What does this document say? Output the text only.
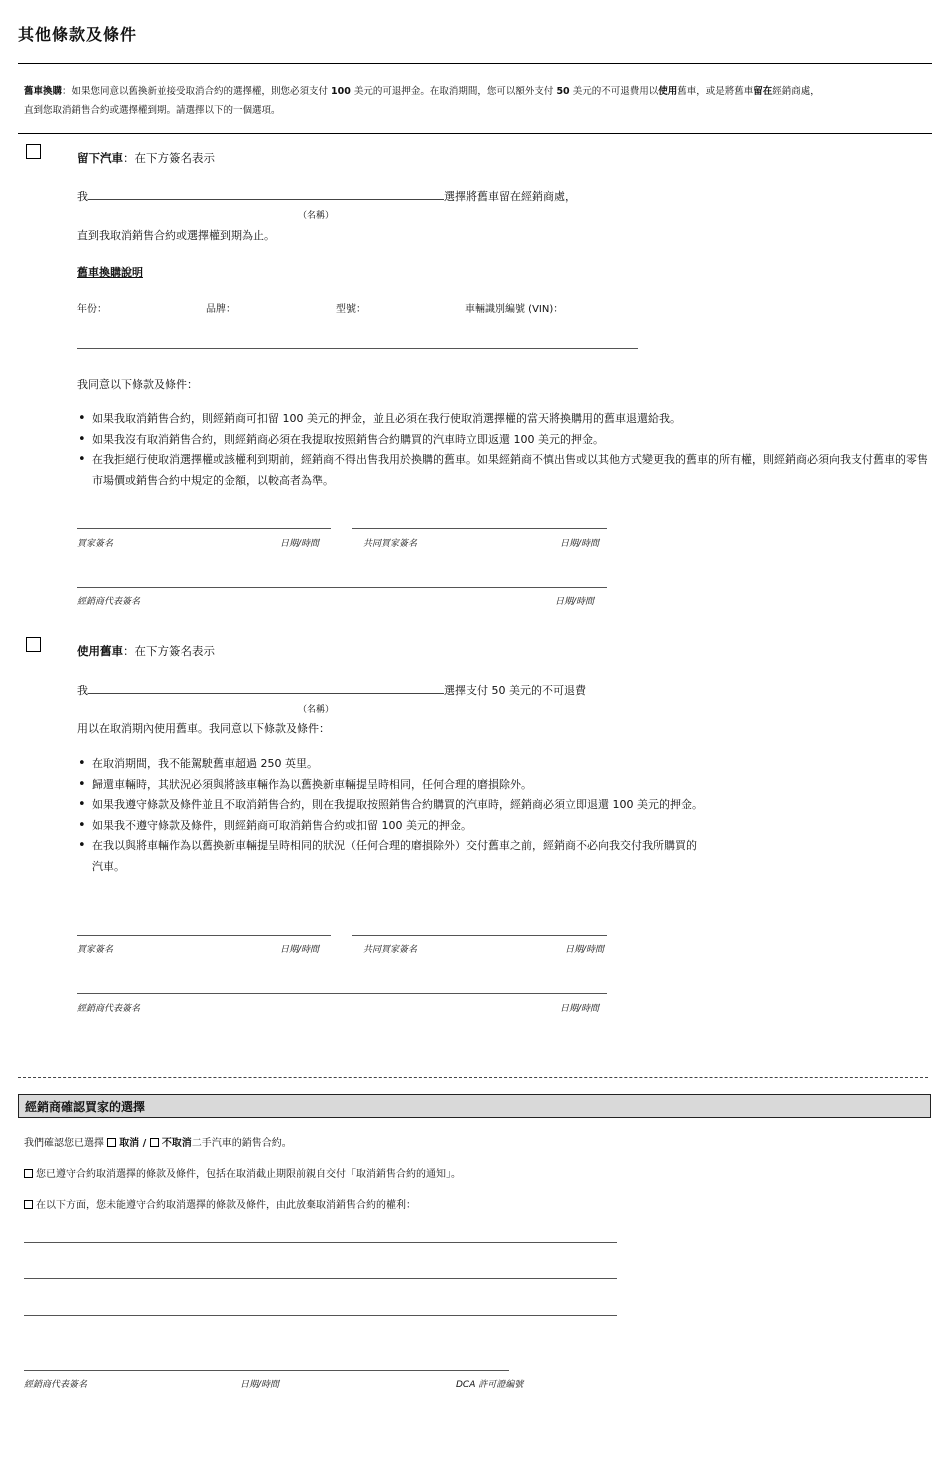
其他條款及條件
舊車換購：如果您同意以舊換新並接受取消合約的選擇權，則您必須支付 100 美元的可退押金。在取消期間，您可以額外支付 50 美元的不可退費用以使用舊車，或是將舊車留在經銷商處，
直到您取消銷售合約或選擇權到期。請選擇以下的一個選項。
留下汽車：在下方簽名表示
我	選擇將舊車留在經銷商處，
（名稱）
直到我取消銷售合約或選擇權到期為止。
舊車換購說明
年份：	品牌：	型號：	車輛識別編號 (VIN)：
我同意以下條款及條件：
• 如果我取消銷售合約，則經銷商可扣留 100 美元的押金，並且必須在我行使取消選擇權的當天將換購用的舊車退還給我。
• 如果我沒有取消銷售合約，則經銷商必須在我提取按照銷售合約購買的汽車時立即返還 100 美元的押金。
• 在我拒絕行使取消選擇權或該權利到期前，經銷商不得出售我用於換購的舊車。如果經銷商不慎出售或以其他方式變更我的舊車的所有權，則經銷商必須向我支付舊車的零售市場價或銷售合約中規定的金額，以較高者為準。
買家簽名	日期/時間	共同買家簽名	日期/時間
經銷商代表簽名	日期/時間
使用舊車：在下方簽名表示
我	選擇支付 50 美元的不可退費
（名稱）
用以在取消期內使用舊車。我同意以下條款及條件：
• 在取消期間，我不能駕駛舊車超過 250 英里。
• 歸還車輛時，其狀況必須與將該車輛作為以舊換新車輛提呈時相同，任何合理的磨損除外。
• 如果我遵守條款及條件並且不取消銷售合約，則在我提取按照銷售合約購買的汽車時，經銷商必須立即退還 100 美元的押金。
• 如果我不遵守條款及條件，則經銷商可取消銷售合約或扣留 100 美元的押金。
• 在我以與將車輛作為以舊換新車輛提呈時相同的狀況（任何合理的磨損除外）交付舊車之前，經銷商不必向我交付我所購買的汽車。
買家簽名	日期/時間	共同買家簽名	日期/時間
經銷商代表簽名	日期/時間
經銷商確認買家的選擇
我們確認您已選擇 取消 / 不取消二手汽車的銷售合約。
您已遵守合約取消選擇的條款及條件，包括在取消截止期限前親自交付「取消銷售合約的通知」。
在以下方面，您未能遵守合約取消選擇的條款及條件，由此放棄取消銷售合約的權利：
經銷商代表簽名	日期/時間	DCA 許可證編號
